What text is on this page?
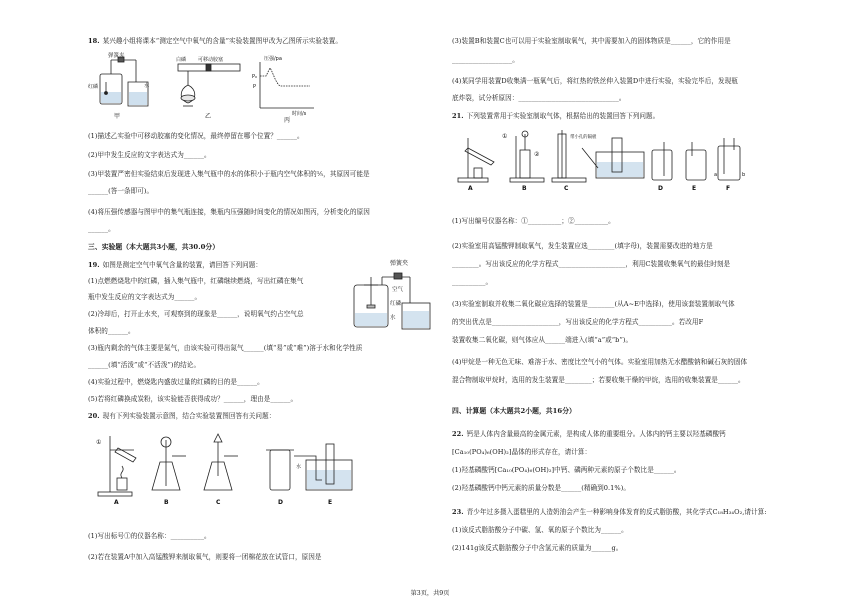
18. 某兴趣小组将课本“测定空气中氧气的含量”实验装置图甲改为乙图所示实验装置。
弹簧夹
红磷	水
甲
白磷 可移动胶塞
乙
压强/pa
P₀
P
时间/s
丙
(1)描述乙实验中可移动胶塞的变化情况，最终停留在哪个位置？______。
(2)甲中发生反应的文字表达式为______。
(3)甲装置严密但实验结束后发现进入集气瓶中的水的体积小于瓶内空气体积的⅕，其原因可能是
______(答一条即可)。
(4)将压强传感器与图甲中的集气瓶连接，集瓶内压强随时间变化的情况如图丙，分析变化的原因
______。
三、实验题（本大题共3小题，共30.0分）
19. 如图是测定空气中氧气含量的装置，请回答下列问题：	弹簧夹
空气
红磷
水
(1)点燃燃烧匙中的红磷，插入集气瓶中，红磷继续燃烧，写出红磷在集气
瓶中发生反应的文字表达式为______。
(2)冷却后，打开止水夹，可观察到的现象是______，说明氧气约占空气总
体积的______。
(3)瓶内剩余的气体主要是氮气，由该实验可得出氮气______(填“易”或“难”)溶于水和化学性质
______(填“活泼”或“不活泼”)的结论。
(4)实验过程中，燃烧匙内盛放过量的红磷的目的是______。
(5)若将红磷换成炭粉，该实验能否获得成功？______，理由是______。
20. 现有下列实验装置示意图，结合实验装置图回答有关问题：
①
水
A	B	C	D	E
(1)写出标号①的仪器名称：__________。
(2)若在装置A中加入高锰酸钾来制取氧气，则要将一团棉花放在试管口，原因是
(3)装置B和装置C也可以用于实验室制取氧气，其中需要加入的固体物质是______，它的作用是
__________________。
(4)某同学用装置D收集满一瓶氧气后，将红热的铁丝伸入装置D中进行实验，实验完毕后，发现瓶
底炸裂，试分析原因：______________________________。
21. 下列装置常用于实验室制取气体，根据给出的装置回答下列问题。
①
②
带小孔的隔板
a	b
A	B	C	D	E	F
(1)写出编号仪器名称：①__________；②__________。
(2)实验室用高锰酸钾制取氧气，发生装置应选________(填字母)，装置需要改进的地方是
________。写出该反应的化学方程式____________________，利用C装置收集氧气的最佳时刻是
__________。
(3)实验室制取并收集二氧化碳应选择的装置是________(从A~E中选择)，使用该套装置制取气体
的突出优点是____________________，写出该反应的化学方程式__________。若改用F
装置收集二氧化碳，则气体应从______端进入(填“a”或“b”)。
(4)甲烷是一种无色无味、难溶于水、密度比空气小的气体。实验室用加热无水醋酸钠和碱石灰的固体
混合物制取甲烷时，选用的发生装置是________；若要收集干燥的甲烷，选用的收集装置是______。
四、计算题（本大题共2小题，共16分）
22. 钙是人体内含量最高的金属元素，是构成人体的重要组分。人体内的钙主要以羟基磷酸钙
[Ca₁₀(PO₄)₆(OH)₂]晶体的形式存在，请计算：
(1)羟基磷酸钙[Ca₁₀(PO₄)₆(OH)₂]中钙、磷两种元素的原子个数比是______。
(2)羟基磷酸钙中钙元素的质量分数是______(精确到0.1%)。
23. 青少年过多摄入蛋糕里的人造奶油会产生一种影响身体发育的反式脂肪酸，其化学式C₁₈H₃₄O₂,请计算:
(1)该反式脂肪酸分子中碳、氢、氧的原子个数比为______。
(2)141g该反式脂肪酸分子中含氢元素的质量为______g。
第3页，共9页
